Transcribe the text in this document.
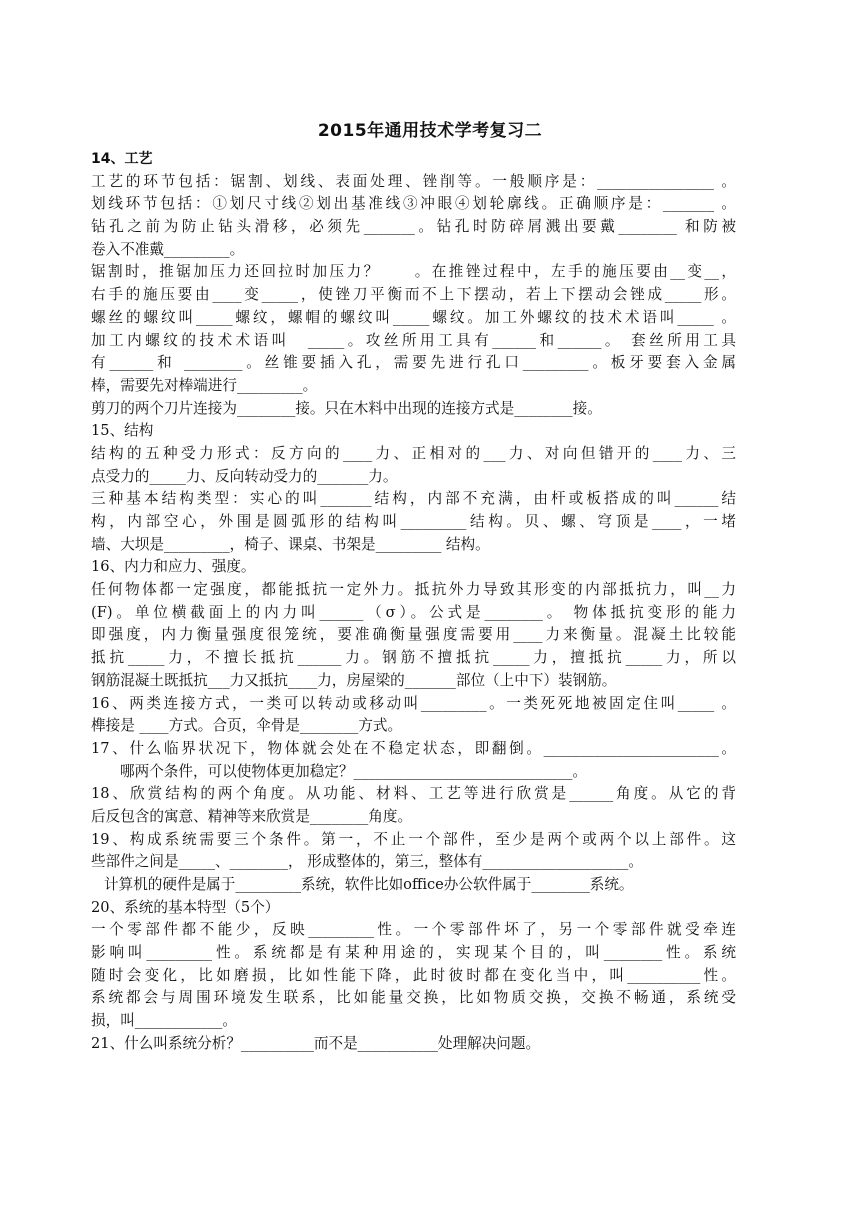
2015年通用技术学考复习二
14、工艺
工艺的环节包括：锯割、划线、表面处理、锉削等。一般顺序是：________________ 。
划线环节包括：①划尺寸线②划出基准线③冲眼④划轮廓线。正确顺序是：_______ 。
钻孔之前为防止钻头滑移，必须先_______。钻孔时防碎屑溅出要戴________ 和防被
卷入不准戴_________。
锯割时，推锯加压力还回拉时加压力？　　。在推锉过程中，左手的施压要由__变__，
右手的施压要由____变_____，使锉刀平衡而不上下摆动，若上下摆动会锉成_____形。
螺丝的螺纹叫_____螺纹，螺帽的螺纹叫_____螺纹。加工外螺纹的技术术语叫_____ 。
加工内螺纹的技术术语叫　_____。攻丝所用工具有______和______。 套丝所用工具
有______和 ________。丝锥要插入孔，需要先进行孔口_________。板牙要套入金属
棒，需要先对棒端进行_________。
剪刀的两个刀片连接为________接。只在木料中出现的连接方式是________接。
15、结构
结构的五种受力形式：反方向的____力、正相对的___力、对向但错开的____力、三
点受力的_____力、反向转动受力的_______力。
三种基本结构类型：实心的叫_______结构，内部不充满，由杆或板搭成的叫______结
构，内部空心，外围是圆弧形的结构叫_________结构。贝、螺、穹顶是____，一堵
墙、大坝是_________，椅子、课桌、书架是_________ 结构。
16、内力和应力、强度。
任何物体都一定强度，都能抵抗一定外力。抵抗外力导致其形变的内部抵抗力，叫__力
(F)。单位横截面上的内力叫______（σ）。公式是________。 物体抵抗变形的能力
即强度，内力衡量强度很笼统，要准确衡量强度需要用____力来衡量。混凝土比较能
抵抗_____力，不擅长抵抗______力。钢筋不擅抵抗_____力，擅抵抗_____力，所以
钢筋混凝土既抵抗___力又抵抗____力，房屋梁的_______部位（上中下）装钢筋。
16、两类连接方式，一类可以转动或移动叫_________。一类死死地被固定住叫_____ 。
榫接是 ____方式。合页，伞骨是________方式。
17、什么临界状况下，物体就会处在不稳定状态，即翻倒。________________________。
哪两个条件，可以使物体更加稳定？______________________________。
18、欣赏结构的两个角度。从功能、材料、工艺等进行欣赏是______角度。从它的背
后反包含的寓意、精神等来欣赏是________角度。
19、构成系统需要三个条件。第一，不止一个部件，至少是两个或两个以上部件。这
些部件之间是_____、________， 形成整体的，第三，整体有____________________。
计算机的硬件是属于_________系统，软件比如office办公软件属于________系统。
20、系统的基本特型（5个）
一个零部件都不能少，反映_________性。一个零部件坏了，另一个零部件就受牵连
影响叫_________性。系统都是有某种用途的，实现某个目的，叫________性。系统
随时会变化，比如磨损，比如性能下降，此时彼时都在变化当中，叫__________性。
系统都会与周围环境发生联系，比如能量交换，比如物质交换，交换不畅通，系统受
损，叫____________。
21、什么叫系统分析？__________而不是___________处理解决问题。
